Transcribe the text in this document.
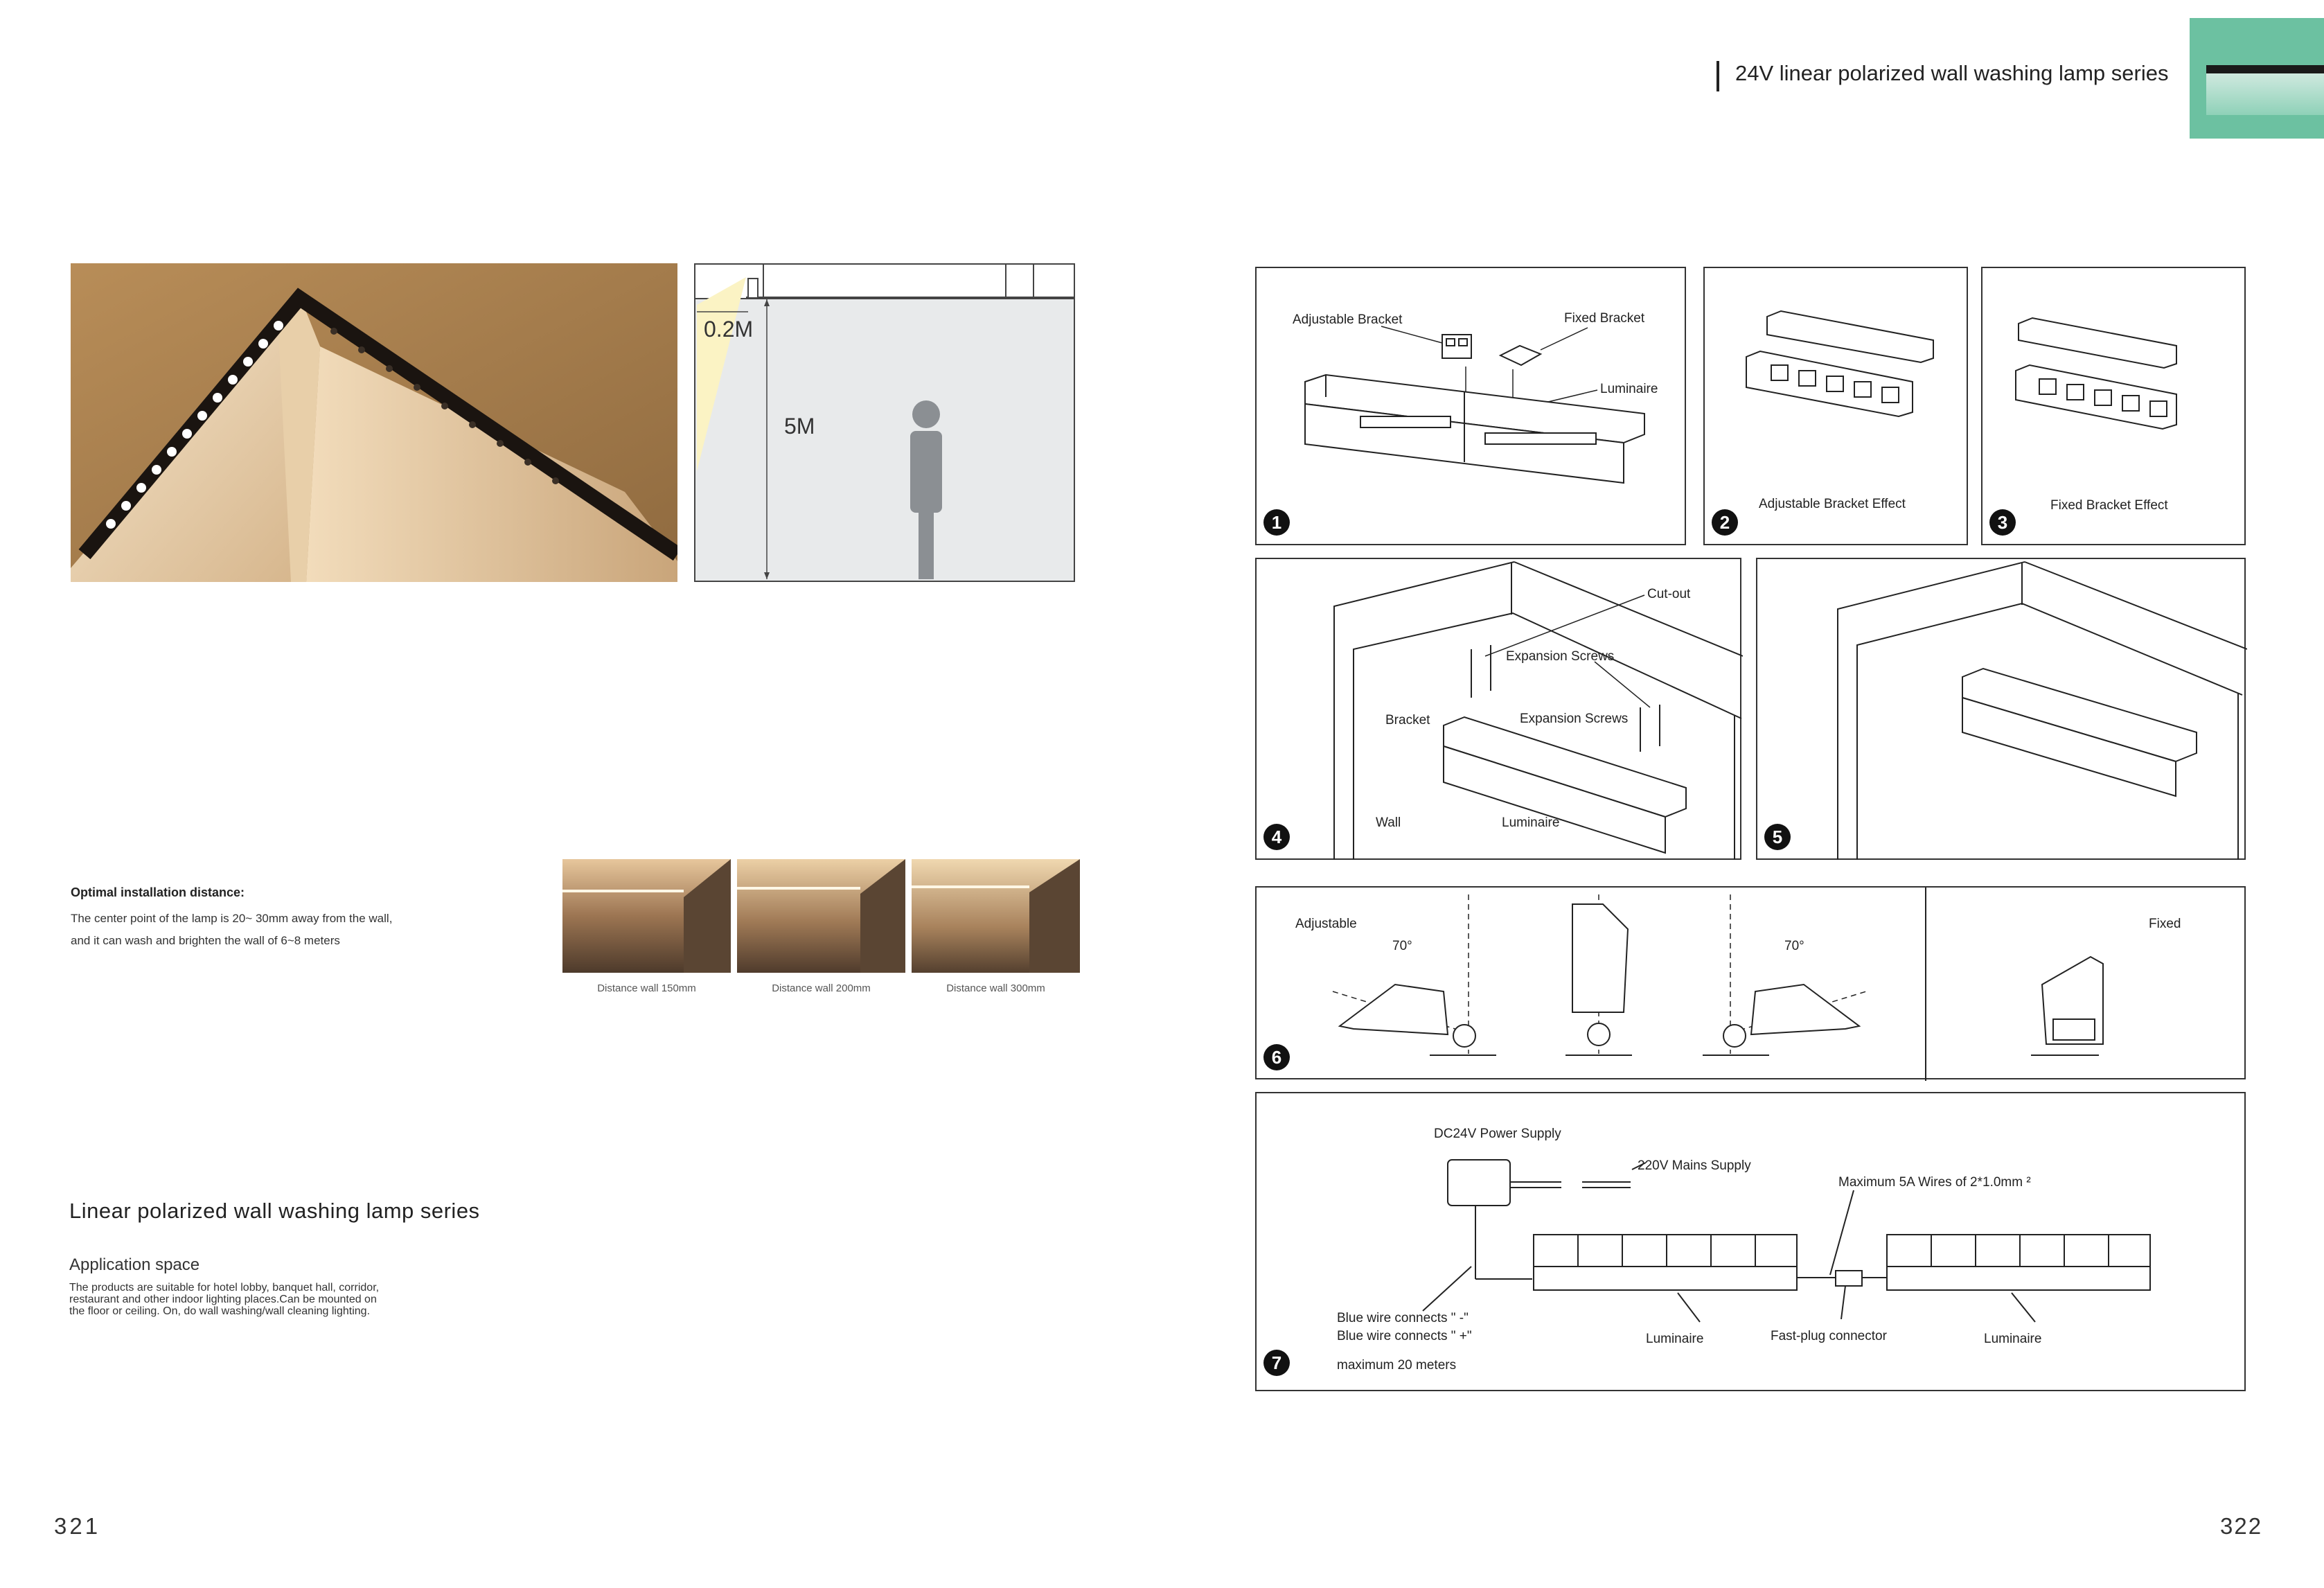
24V linear polarized wall washing lamp series
0.2M
5M
Distance wall 150mm	Distance wall 200mm	Distance wall 300mm
Optimal installation distance:
The center point of the lamp is 20~ 30mm away from the wall,
and it can wash and brighten the wall of 6~8 meters
Linear polarized wall washing lamp series
Application space
The products are suitable for hotel lobby, banquet hall, corridor,
restaurant and other indoor lighting places.Can be mounted on
the floor or ceiling. On, do wall washing/wall cleaning lighting.
321	322
Adjustable Bracket	Fixed Bracket
Luminaire
1
Adjustable Bracket Effect
2
Fixed Bracket Effect
3
Cut-out
Expansion Screws
Expansion Screws
Bracket
Wall	Luminaire
4	5
Adjustable	Fixed
70°	70°
6
DC24V Power Supply
220V Mains Supply
Maximum 5A Wires of 2*1.0mm ²
Blue wire connects " -"
Blue wire connects " +"
maximum 20 meters
Luminaire	Fast-plug connector	Luminaire
7
